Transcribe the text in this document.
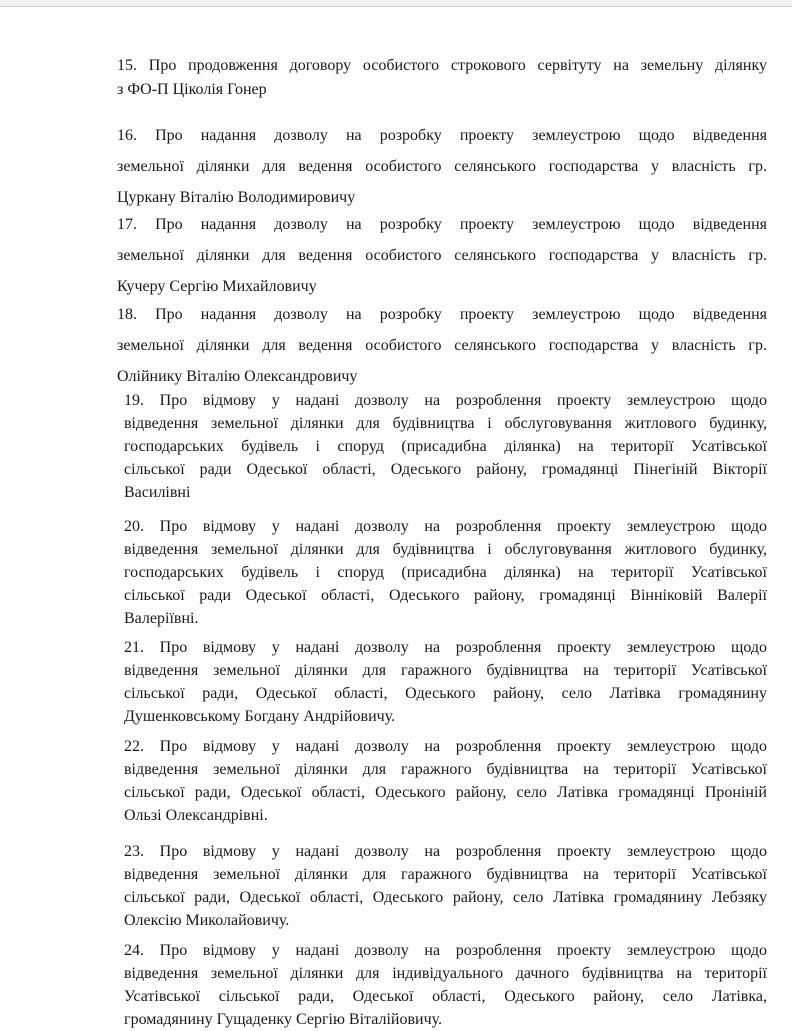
15. Про продовження договору особистого строкового сервітуту на земельну ділянку
з ФО-П Ціколія Гонер

16. Про надання дозволу на розробку проекту землеустрою щодо відведення
земельної ділянки для ведення особистого селянського господарства у власність гр.
Цуркану Віталію Володимировичу

17. Про надання дозволу на розробку проекту землеустрою щодо відведення
земельної ділянки для ведення особистого селянського господарства у власність гр.
Кучеру Сергію Михайловичу

18. Про надання дозволу на розробку проекту землеустрою щодо відведення
земельної ділянки для ведення особистого селянського господарства у власність гр.
Олійнику Віталію Олександровичу

19. Про відмову у надані дозволу на розроблення проекту землеустрою щодо
відведення земельної ділянки для будівництва і обслуговування житлового будинку,
господарських будівель і споруд (присадибна ділянка) на території Усатівської
сільської ради Одеської області, Одеського району, громадянці Пінегіній Вікторії
Василівні

20. Про відмову у надані дозволу на розроблення проекту землеустрою щодо
відведення земельної ділянки для будівництва і обслуговування житлового будинку,
господарських будівель і споруд (присадибна ділянка) на території Усатівської
сільської ради Одеської області, Одеського району, громадянці Вінніковій Валерії
Валеріївні.

21. Про відмову у надані дозволу на розроблення проекту землеустрою щодо
відведення земельної ділянки для гаражного будівництва на території Усатівської
сільської ради, Одеської області, Одеського району, село Латівка громадянину
Душенковському Богдану Андрійовичу.

22. Про відмову у надані дозволу на розроблення проекту землеустрою щодо
відведення земельної ділянки для гаражного будівництва на території Усатівської
сільської ради, Одеської області, Одеського району, село Латівка громадянці Пронiній
Ользі Олександрівні.

23. Про відмову у надані дозволу на розроблення проекту землеустрою щодо
відведення земельної ділянки для гаражного будівництва на території Усатівської
сільської ради, Одеської області, Одеського району, село Латівка громадянину Лебзяку
Олексію Миколайовичу.

24. Про відмову у надані дозволу на розроблення проекту землеустрою щодо
відведення земельної ділянки для індивідуального дачного будівництва на території
Усатівської сільської ради, Одеської області, Одеського району, село Латівка,
громадянину Гущаденку Сергію Віталійовичу.
